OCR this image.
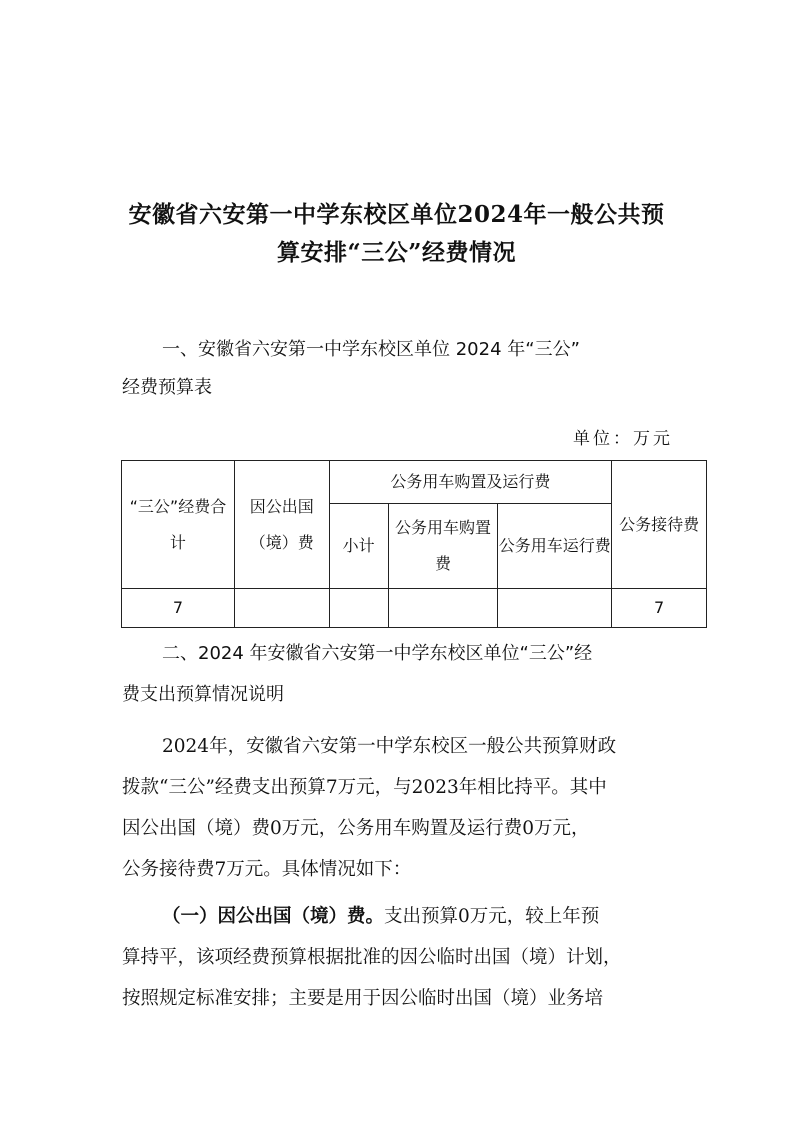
安徽省六安第一中学东校区单位2024年一般公共预
算安排“三公”经费情况
一、安徽省六安第一中学东校区单位 2024 年“三公”
经费预算表
单位：万元
“三公”经费合计	因公出国（境）费	公务用车购置及运行费			公务接待费
		小计	公务用车购置费	公务用车运行费	
7					7
二、2024 年安徽省六安第一中学东校区单位“三公”经
费支出预算情况说明
2024年，安徽省六安第一中学东校区一般公共预算财政
拨款“三公”经费支出预算7万元，与2023年相比持平。其中
因公出国（境）费0万元，公务用车购置及运行费0万元，
公务接待费7万元。具体情况如下：
（一）因公出国（境）费。支出预算0万元，较上年预
算持平，该项经费预算根据批准的因公临时出国（境）计划，
按照规定标准安排；主要是用于因公临时出国（境）业务培
